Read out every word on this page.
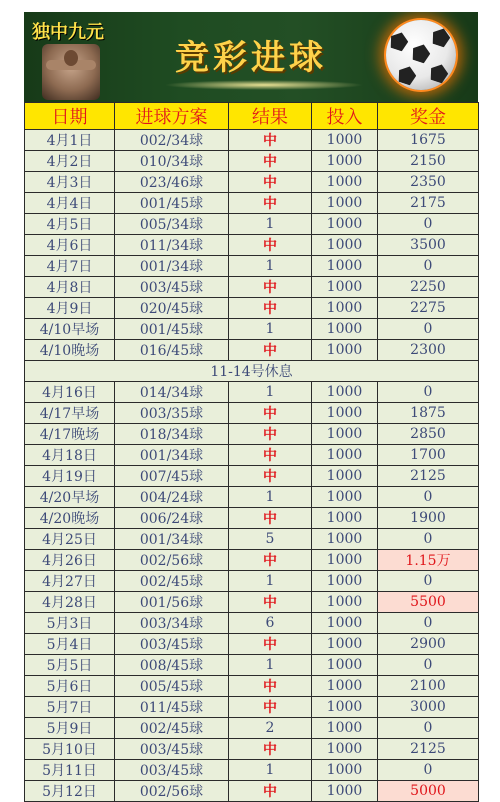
独中九元
竞彩进球
日期	进球方案	结果	投入	奖金
4月1日	002/34球	中	1000	1675
4月2日	010/34球	中	1000	2150
4月3日	023/46球	中	1000	2350
4月4日	001/45球	中	1000	2175
4月5日	005/34球	1	1000	0
4月6日	011/34球	中	1000	3500
4月7日	001/34球	1	1000	0
4月8日	003/45球	中	1000	2250
4月9日	020/45球	中	1000	2275
4/10早场	001/45球	1	1000	0
4/10晚场	016/45球	中	1000	2300
11-14号休息				
4月16日	014/34球	1	1000	0
4/17早场	003/35球	中	1000	1875
4/17晚场	018/34球	中	1000	2850
4月18日	001/34球	中	1000	1700
4月19日	007/45球	中	1000	2125
4/20早场	004/24球	1	1000	0
4/20晚场	006/24球	中	1000	1900
4月25日	001/34球	5	1000	0
4月26日	002/56球	中	1000	1.15万
4月27日	002/45球	1	1000	0
4月28日	001/56球	中	1000	5500
5月3日	003/34球	6	1000	0
5月4日	003/45球	中	1000	2900
5月5日	008/45球	1	1000	0
5月6日	005/45球	中	1000	2100
5月7日	011/45球	中	1000	3000
5月9日	002/45球	2	1000	0
5月10日	003/45球	中	1000	2125
5月11日	003/45球	1	1000	0
5月12日	002/56球	中	1000	5000
